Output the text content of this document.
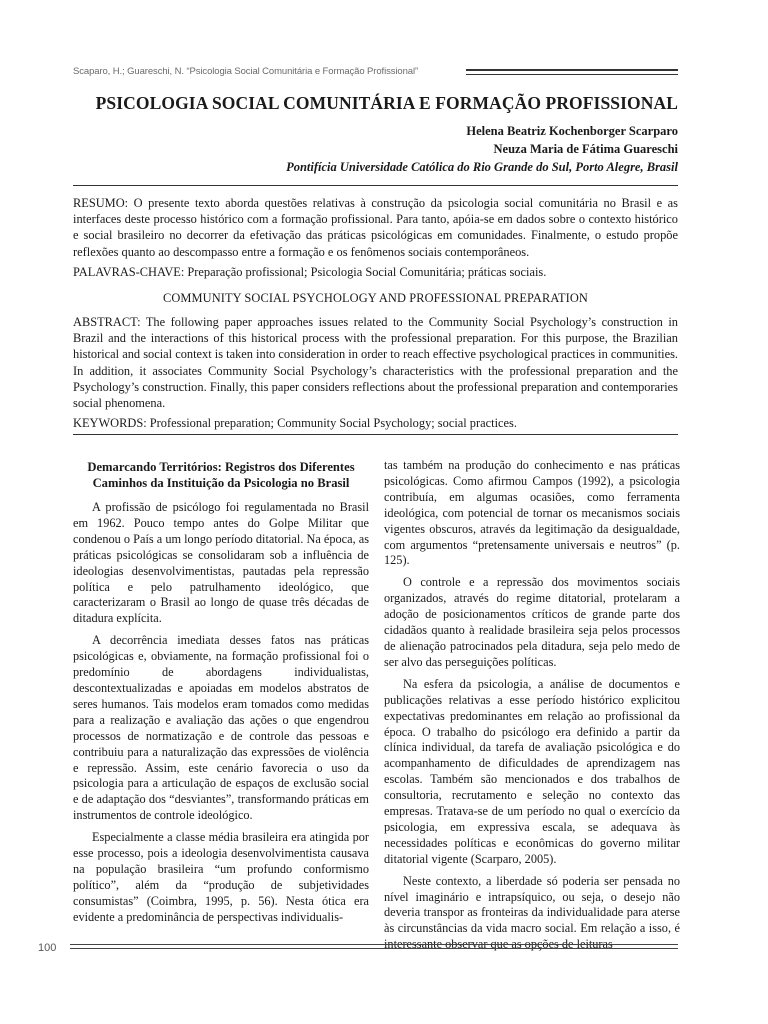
Scaparo, H.; Guareschi, N. “Psicologia Social Comunitária e Formação Profissional”
PSICOLOGIA SOCIAL COMUNITÁRIA E FORMAÇÃO PROFISSIONAL
Helena Beatriz Kochenborger Scarparo
Neuza Maria de Fátima Guareschi
Pontifícia Universidade Católica do Rio Grande do Sul, Porto Alegre, Brasil

RESUMO: O presente texto aborda questões relativas à construção da psicologia social comunitária no Brasil e as interfaces deste processo histórico com a formação profissional. Para tanto, apóia-se em dados sobre o contexto histórico e social brasileiro no decorrer da efetivação das práticas psicológicas em comunidades. Finalmente, o estudo propõe reflexões quanto ao descompasso entre a formação e os fenômenos sociais contemporâneos.

PALAVRAS-CHAVE: Preparação profissional; Psicologia Social Comunitária; práticas sociais.

COMMUNITY SOCIAL PSYCHOLOGY AND PROFESSIONAL PREPARATION

ABSTRACT: The following paper approaches issues related to the Community Social Psychology’s construction in Brazil and the interactions of this historical process with the professional preparation. For this purpose, the Brazilian historical and social context is taken into consideration in order to reach effective psychological practices in communities. In addition, it associates Community Social Psychology’s characteristics with the professional preparation and the Psychology’s construction. Finally, this paper considers reflections about the professional preparation and contemporaries social phenomena.

KEYWORDS: Professional preparation; Community Social Psychology; social practices.

Demarcando Territórios: Registros dos Diferentes Caminhos da Instituição da Psicologia no Brasil

A profissão de psicólogo foi regulamentada no Brasil em 1962. Pouco tempo antes do Golpe Militar que condenou o País a um longo período ditatorial. Na época, as práticas psicológicas se consolidaram sob a influência de ideologias desenvolvimentistas, pautadas pela repressão política e pelo patrulhamento ideológico, que caracterizaram o Brasil ao longo de quase três décadas de ditadura explícita.

A decorrência imediata desses fatos nas práticas psicológicas e, obviamente, na formação profissional foi o predomínio de abordagens individualistas, descontextualizadas e apoiadas em modelos abstratos de seres humanos. Tais modelos eram tomados como medidas para a realização e avaliação das ações o que engendrou processos de normatização e de controle das pessoas e contribuiu para a naturalização das expressões de violência e repressão. Assim, este cenário favorecia o uso da psicologia para a articulação de espaços de exclusão social e de adaptação dos “desviantes”, transformando práticas em instrumentos de controle ideológico.

Especialmente a classe média brasileira era atingida por esse processo, pois a ideologia desenvolvimentista causava na população brasileira “um profundo conformismo político”, além da “produção de subjetividades consumistas” (Coimbra, 1995, p. 56). Nesta ótica era evidente a predominância de perspectivas individualis-

tas também na produção do conhecimento e nas práticas psicológicas. Como afirmou Campos (1992), a psicologia contribuía, em algumas ocasiões, como ferramenta ideológica, com potencial de tornar os mecanismos sociais vigentes obscuros, através da legitimação da desigualdade, com argumentos “pretensamente universais e neutros” (p. 125).

O controle e a repressão dos movimentos sociais organizados, através do regime ditatorial, protelaram a adoção de posicionamentos críticos de grande parte dos cidadãos quanto à realidade brasileira seja pelos processos de alienação patrocinados pela ditadura, seja pelo medo de ser alvo das perseguições políticas.

Na esfera da psicologia, a análise de documentos e publicações relativas a esse período histórico explicitou expectativas predominantes em relação ao profissional da época. O trabalho do psicólogo era definido a partir da clínica individual, da tarefa de avaliação psicológica e do acompanhamento de dificuldades de aprendizagem nas escolas. Também são mencionados e dos trabalhos de consultoria, recrutamento e seleção no contexto das empresas. Tratava-se de um período no qual o exercício da psicologia, em expressiva escala, se adequava às necessidades políticas e econômicas do governo militar ditatorial vigente (Scarparo, 2005).

Neste contexto, a liberdade só poderia ser pensada no nível imaginário e intrapsíquico, ou seja, o desejo não deveria transpor as fronteiras da individualidade para aterse às circunstâncias da vida macro social. Em relação a isso, é interessante observar que as opções de leituras

100
